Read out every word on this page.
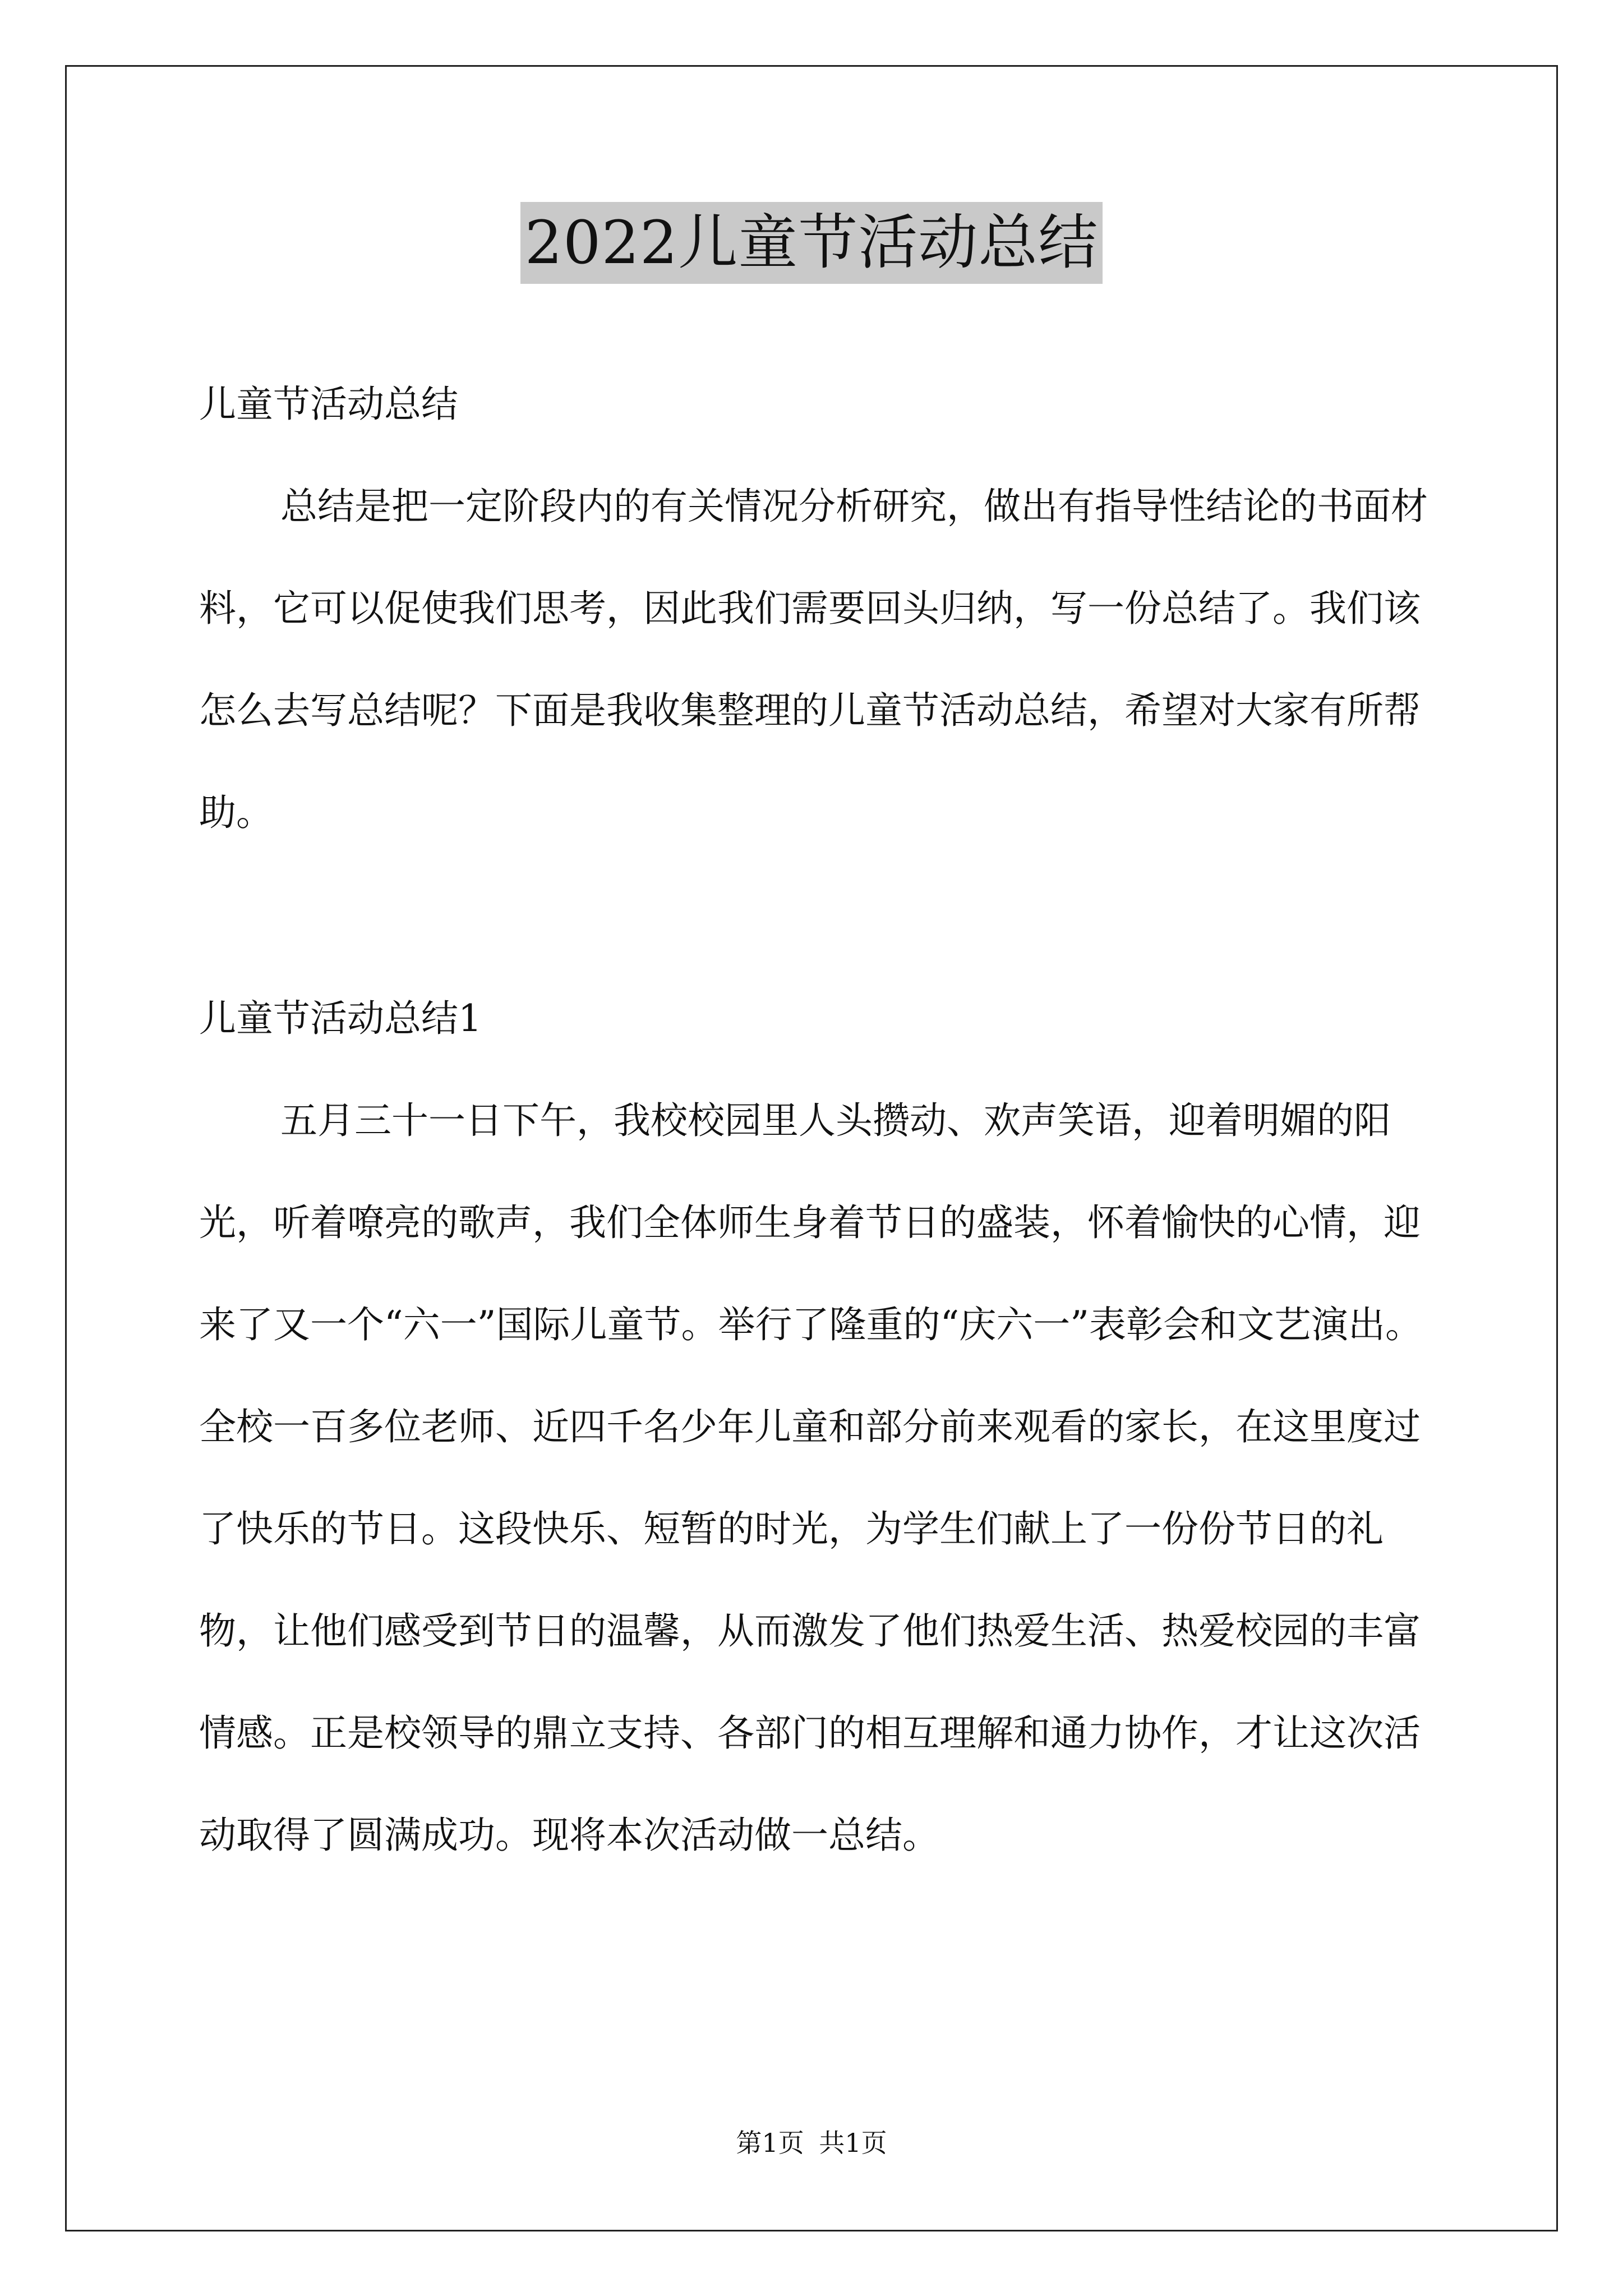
2022儿童节活动总结

儿童节活动总结

总结是把一定阶段内的有关情况分析研究，做出有指导性结论的书面材料，它可以促使我们思考，因此我们需要回头归纳，写一份总结了。我们该怎么去写总结呢？下面是我收集整理的儿童节活动总结，希望对大家有所帮助。

儿童节活动总结1

五月三十一日下午，我校校园里人头攒动、欢声笑语，迎着明媚的阳光，听着嘹亮的歌声，我们全体师生身着节日的盛装，怀着愉快的心情，迎来了又一个“六一”国际儿童节。举行了隆重的“庆六一”表彰会和文艺演出。全校一百多位老师、近四千名少年儿童和部分前来观看的家长，在这里度过了快乐的节日。这段快乐、短暂的时光，为学生们献上了一份份节日的礼物，让他们感受到节日的温馨，从而激发了他们热爱生活、热爱校园的丰富情感。正是校领导的鼎立支持、各部门的相互理解和通力协作，才让这次活动取得了圆满成功。现将本次活动做一总结。

第1页 共1页
